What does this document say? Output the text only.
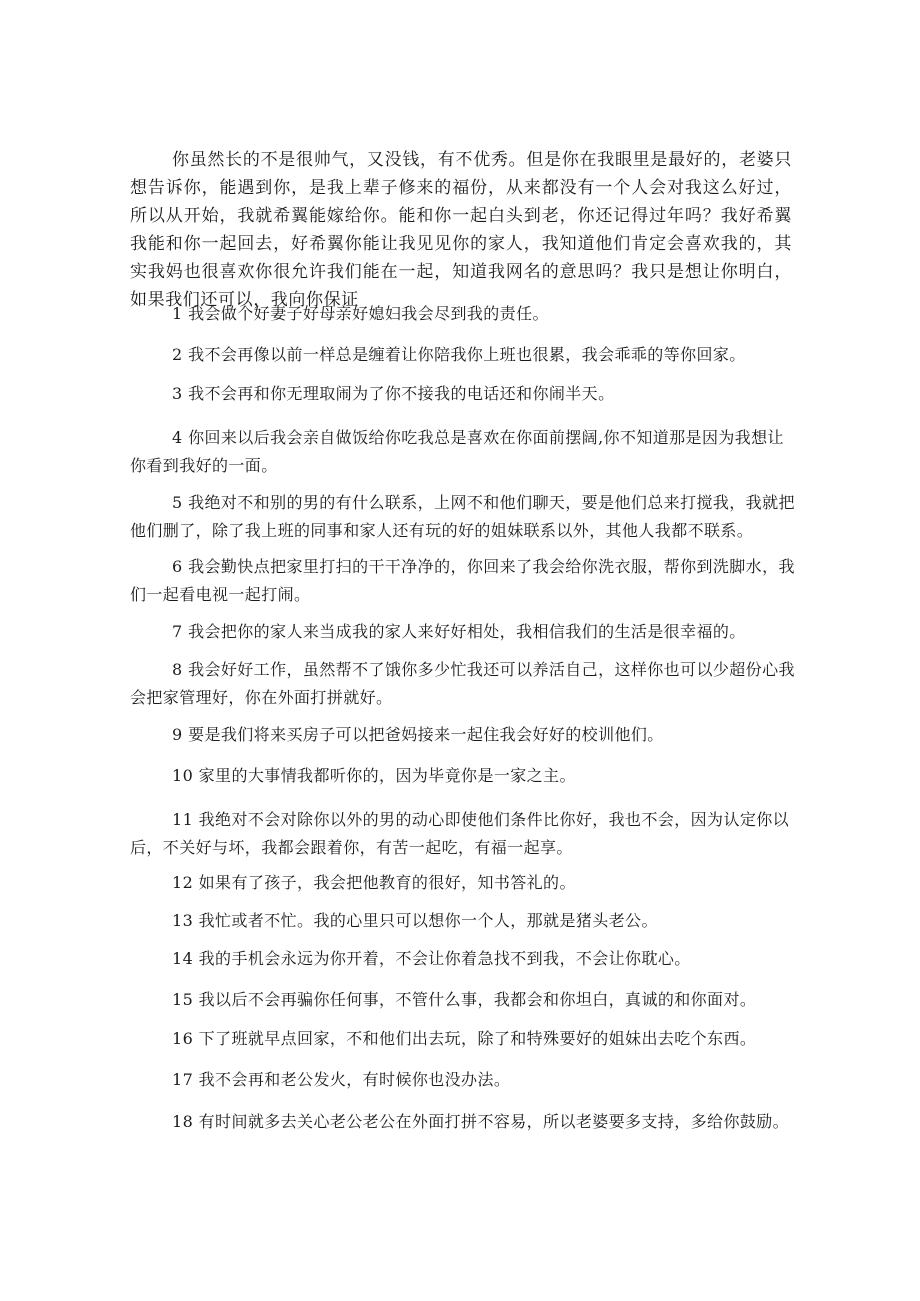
你虽然长的不是很帅气，又没钱，有不优秀。但是你在我眼里是最好的，老婆只想告诉你，能遇到你，是我上辈子修来的福份，从来都没有一个人会对我这么好过，所以从开始，我就希翼能嫁给你。能和你一起白头到老，你还记得过年吗？我好希翼我能和你一起回去，好希翼你能让我见见你的家人，我知道他们肯定会喜欢我的，其实我妈也很喜欢你很允许我们能在一起，知道我网名的意思吗？我只是想让你明白，如果我们还可以，我向你保证

1 我会做个好妻子好母亲好媳妇我会尽到我的责任。

2 我不会再像以前一样总是缠着让你陪我你上班也很累，我会乖乖的等你回家。

3 我不会再和你无理取闹为了你不接我的电话还和你闹半天。

4 你回来以后我会亲自做饭给你吃我总是喜欢在你面前摆阔,你不知道那是因为我想让你看到我好的一面。

5 我绝对不和别的男的有什么联系，上网不和他们聊天，要是他们总来打搅我，我就把他们删了，除了我上班的同事和家人还有玩的好的姐妹联系以外，其他人我都不联系。

6 我会勤快点把家里打扫的干干净净的，你回来了我会给你洗衣服，帮你到洗脚水，我们一起看电视一起打闹。

7 我会把你的家人来当成我的家人来好好相处，我相信我们的生活是很幸福的。

8 我会好好工作，虽然帮不了饿你多少忙我还可以养活自己，这样你也可以少超份心我会把家管理好，你在外面打拼就好。

9 要是我们将来买房子可以把爸妈接来一起住我会好好的校训他们。

10 家里的大事情我都听你的，因为毕竟你是一家之主。

11 我绝对不会对除你以外的男的动心即使他们条件比你好，我也不会，因为认定你以后，不关好与坏，我都会跟着你，有苦一起吃，有福一起享。

12 如果有了孩子，我会把他教育的很好，知书答礼的。

13 我忙或者不忙。我的心里只可以想你一个人，那就是猪头老公。

14 我的手机会永远为你开着，不会让你着急找不到我，不会让你耽心。

15 我以后不会再骗你任何事，不管什么事，我都会和你坦白，真诚的和你面对。

16 下了班就早点回家，不和他们出去玩，除了和特殊要好的姐妹出去吃个东西。

17 我不会再和老公发火，有时候你也没办法。

18 有时间就多去关心老公老公在外面打拼不容易，所以老婆要多支持，多给你鼓励。
